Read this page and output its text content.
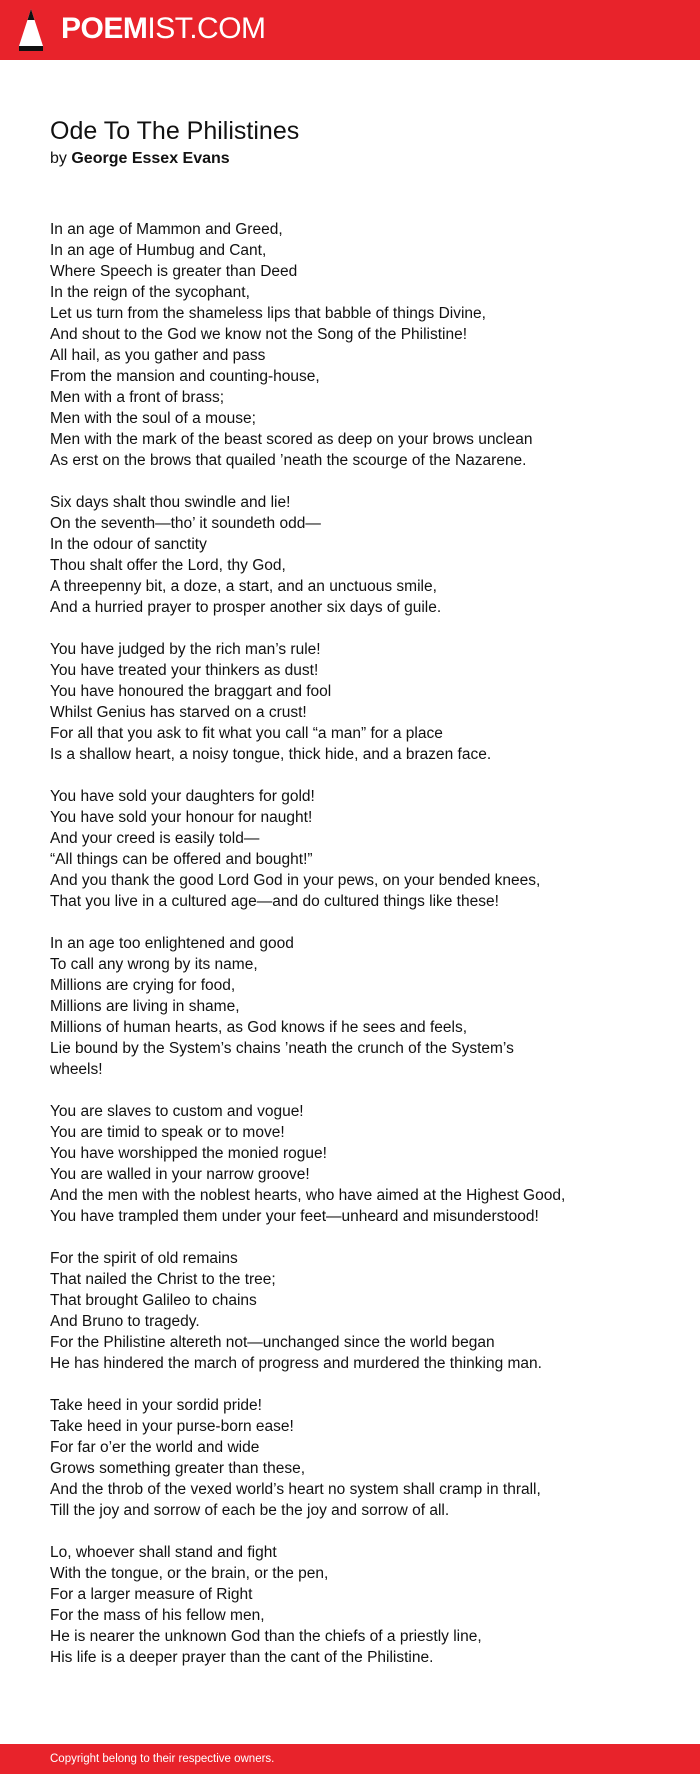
POEMIST.COM
Ode To The Philistines
by George Essex Evans
In an age of Mammon and Greed,
In an age of Humbug and Cant,
Where Speech is greater than Deed
In the reign of the sycophant,
Let us turn from the shameless lips that babble of things Divine,
And shout to the God we know not the Song of the Philistine!
All hail, as you gather and pass
From the mansion and counting-house,
Men with a front of brass;
Men with the soul of a mouse;
Men with the mark of the beast scored as deep on your brows unclean
As erst on the brows that quailed ’neath the scourge of the Nazarene.
Six days shalt thou swindle and lie!
On the seventh—tho’ it soundeth odd—
In the odour of sanctity
Thou shalt offer the Lord, thy God,
A threepenny bit, a doze, a start, and an unctuous smile,
And a hurried prayer to prosper another six days of guile.
You have judged by the rich man’s rule!
You have treated your thinkers as dust!
You have honoured the braggart and fool
Whilst Genius has starved on a crust!
For all that you ask to fit what you call “a man” for a place
Is a shallow heart, a noisy tongue, thick hide, and a brazen face.
You have sold your daughters for gold!
You have sold your honour for naught!
And your creed is easily told—
“All things can be offered and bought!”
And you thank the good Lord God in your pews, on your bended knees,
That you live in a cultured age—and do cultured things like these!
In an age too enlightened and good
To call any wrong by its name,
Millions are crying for food,
Millions are living in shame,
Millions of human hearts, as God knows if he sees and feels,
Lie bound by the System’s chains ’neath the crunch of the System’s
wheels!
You are slaves to custom and vogue!
You are timid to speak or to move!
You have worshipped the monied rogue!
You are walled in your narrow groove!
And the men with the noblest hearts, who have aimed at the Highest Good,
You have trampled them under your feet—unheard and misunderstood!
For the spirit of old remains
That nailed the Christ to the tree;
That brought Galileo to chains
And Bruno to tragedy.
For the Philistine altereth not—unchanged since the world began
He has hindered the march of progress and murdered the thinking man.
Take heed in your sordid pride!
Take heed in your purse-born ease!
For far o’er the world and wide
Grows something greater than these,
And the throb of the vexed world’s heart no system shall cramp in thrall,
Till the joy and sorrow of each be the joy and sorrow of all.
Lo, whoever shall stand and fight
With the tongue, or the brain, or the pen,
For a larger measure of Right
For the mass of his fellow men,
He is nearer the unknown God than the chiefs of a priestly line,
His life is a deeper prayer than the cant of the Philistine.
Copyright belong to their respective owners.
